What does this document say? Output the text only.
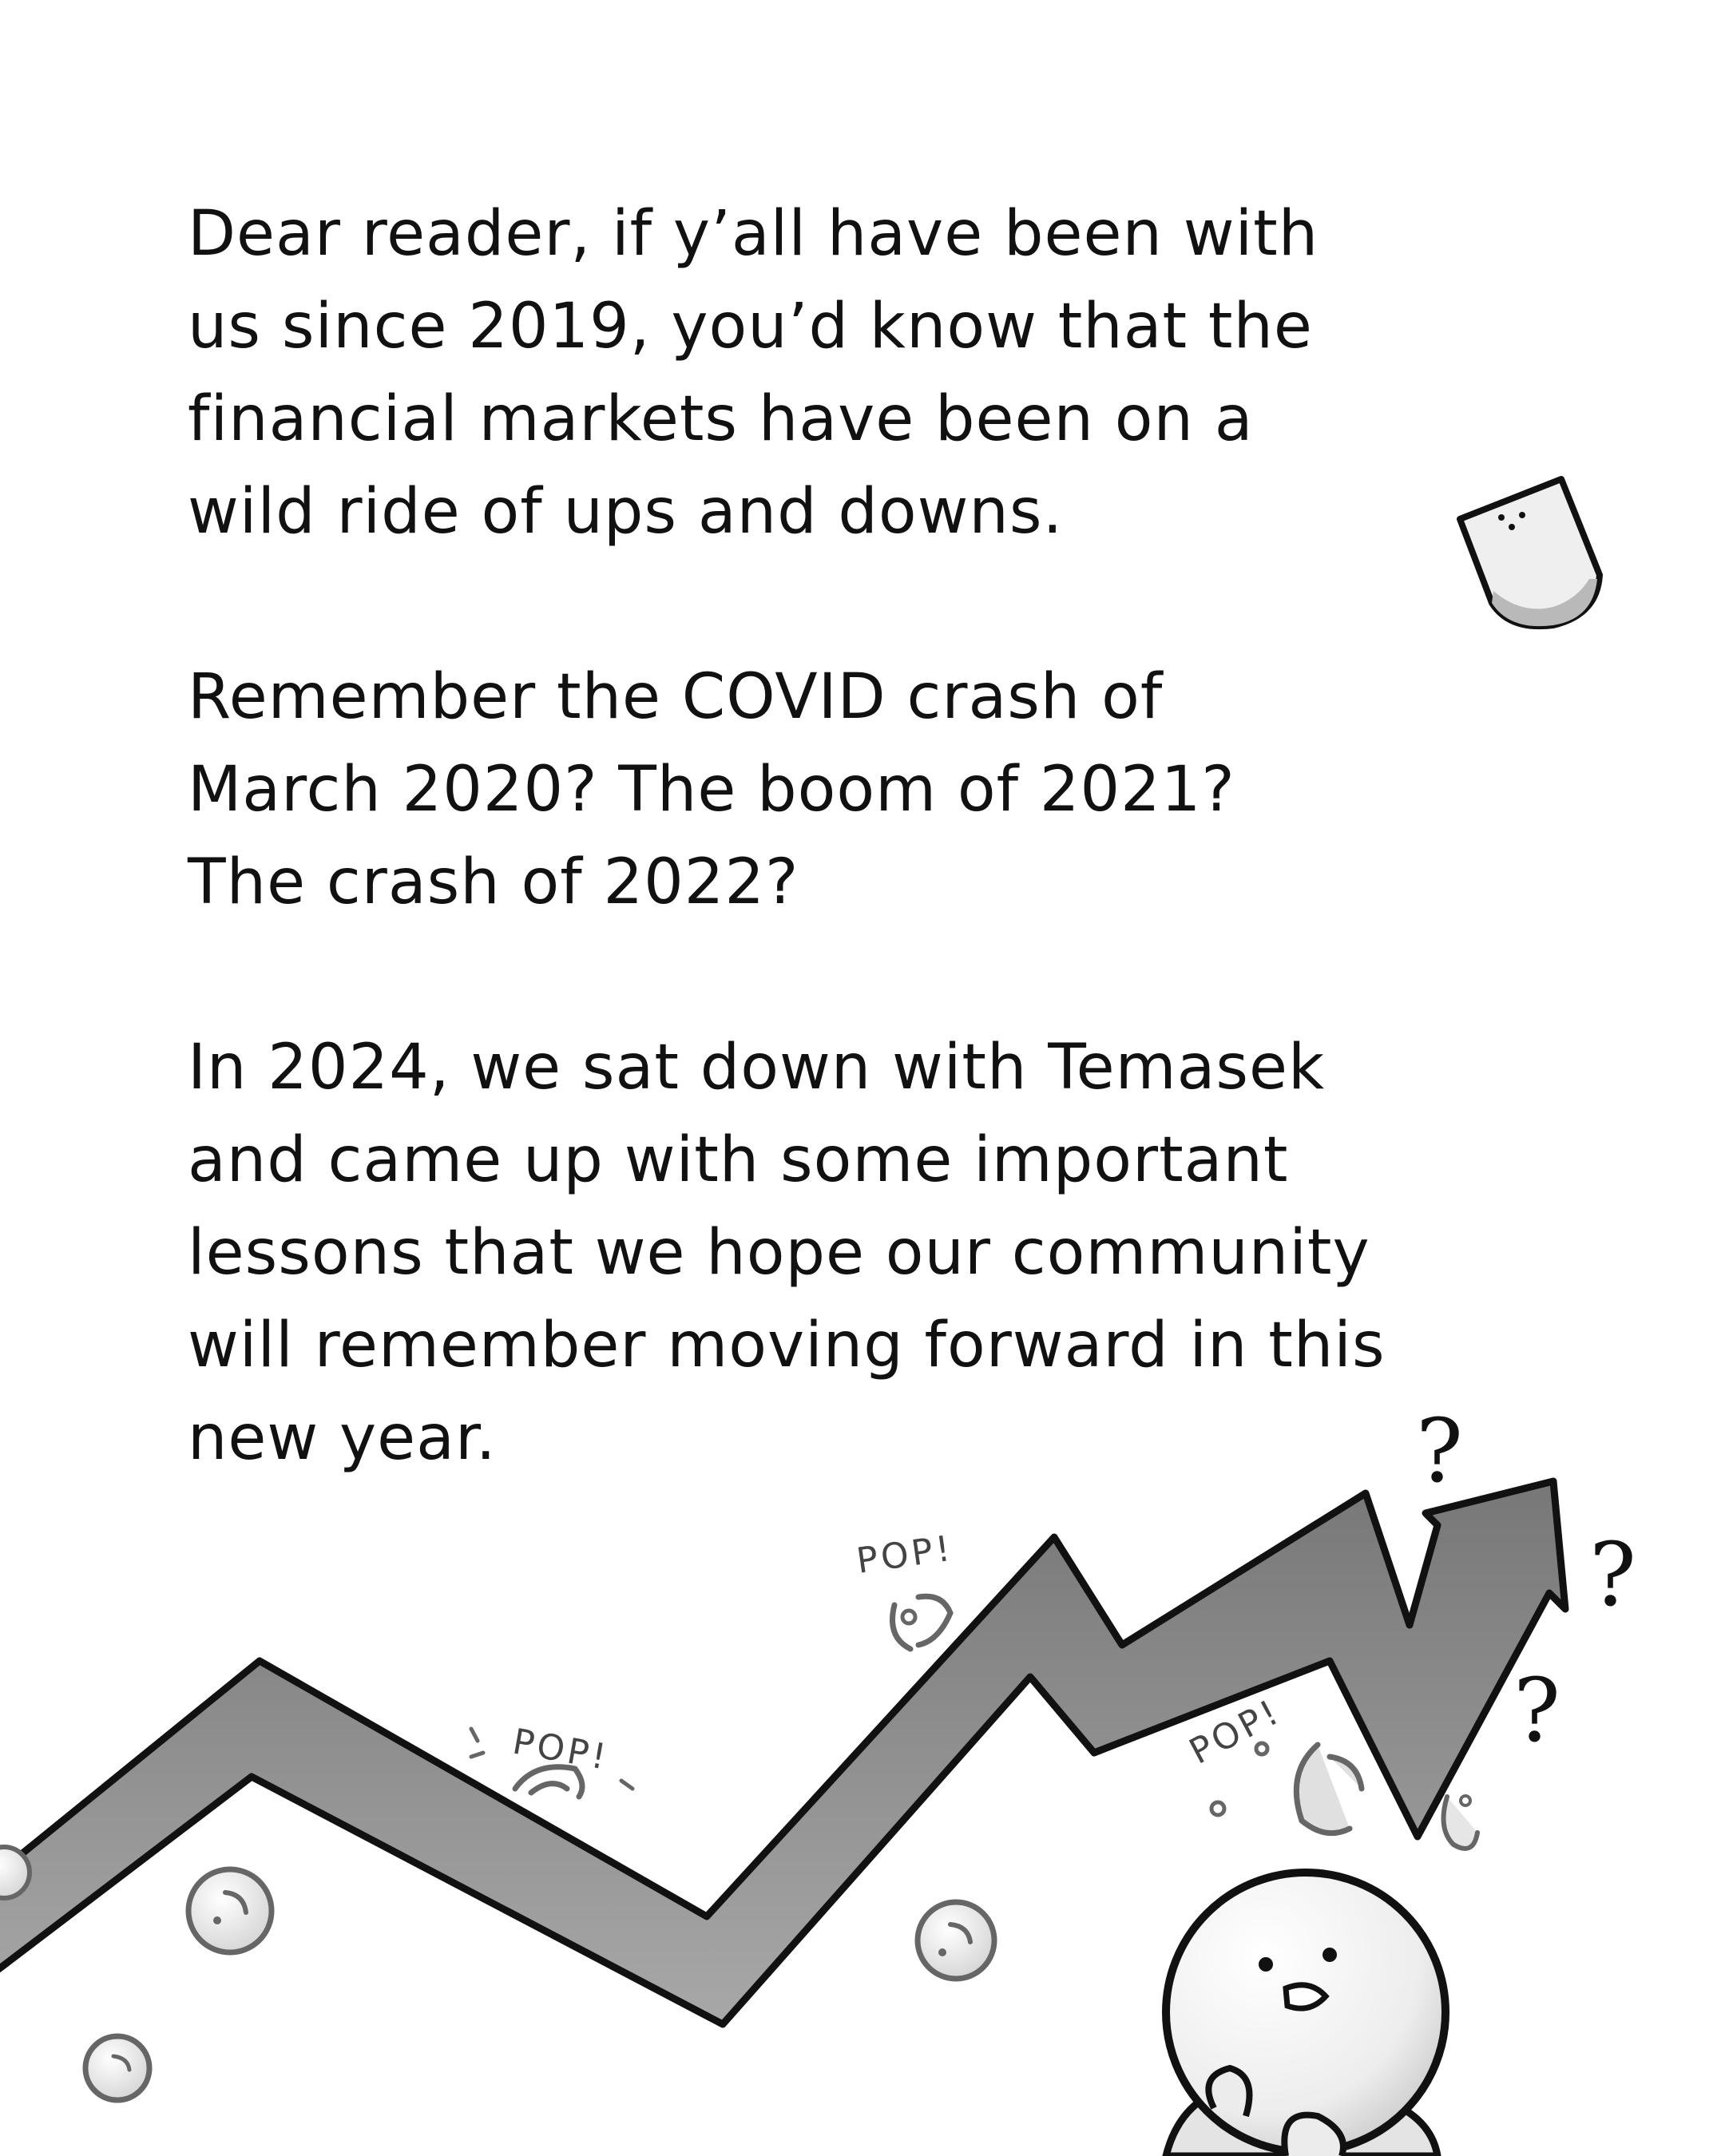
Dear reader, if y’all have been with
us since 2019, you’d know that the
financial markets have been on a
wild ride of ups and downs.

Remember the COVID crash of
March 2020? The boom of 2021?
The crash of 2022?

In 2024, we sat down with Temasek
and came up with some important
lessons that we hope our community
will remember moving forward in this
new year.

POP!
POP!	POP!
?
?
?
